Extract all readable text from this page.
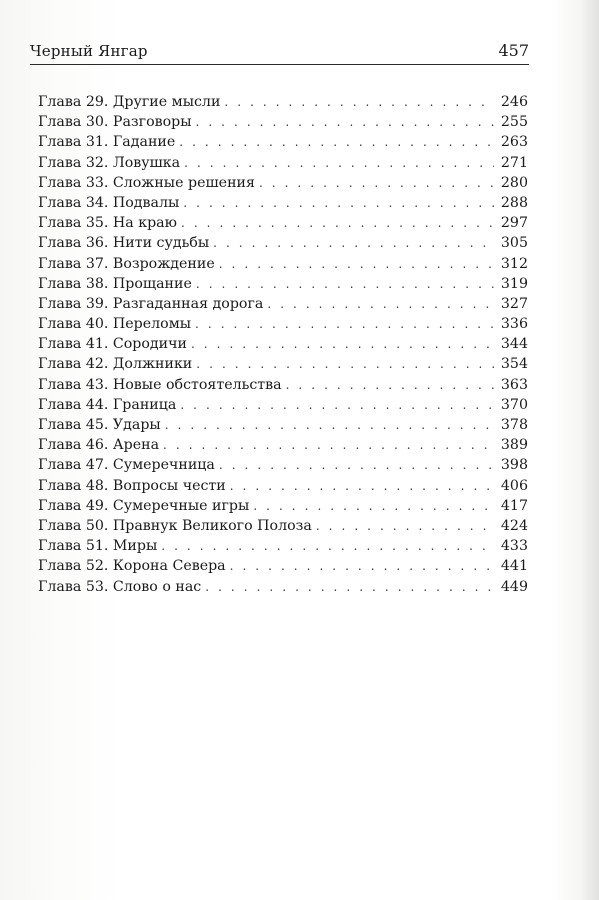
Черный Янгар	457
Глава 29. Другие мысли . . .	246
Глава 30. Разговоры . . .	255
Глава 31. Гадание . . .	263
Глава 32. Ловушка . . .	271
Глава 33. Сложные решения . . .	280
Глава 34. Подвалы . . .	288
Глава 35. На краю . . .	297
Глава 36. Нити судьбы . . .	305
Глава 37. Возрождение . . .	312
Глава 38. Прощание . . .	319
Глава 39. Разгаданная дорога . . .	327
Глава 40. Переломы . . .	336
Глава 41. Сородичи . . .	344
Глава 42. Должники . . .	354
Глава 43. Новые обстоятельства . . .	363
Глава 44. Граница . . .	370
Глава 45. Удары . . .	378
Глава 46. Арена . . .	389
Глава 47. Сумеречница . . .	398
Глава 48. Вопросы чести . . .	406
Глава 49. Сумеречные игры . . .	417
Глава 50. Правнук Великого Полоза . . .	424
Глава 51. Миры . . .	433
Глава 52. Корона Севера . . .	441
Глава 53. Слово о нас . . .	449
